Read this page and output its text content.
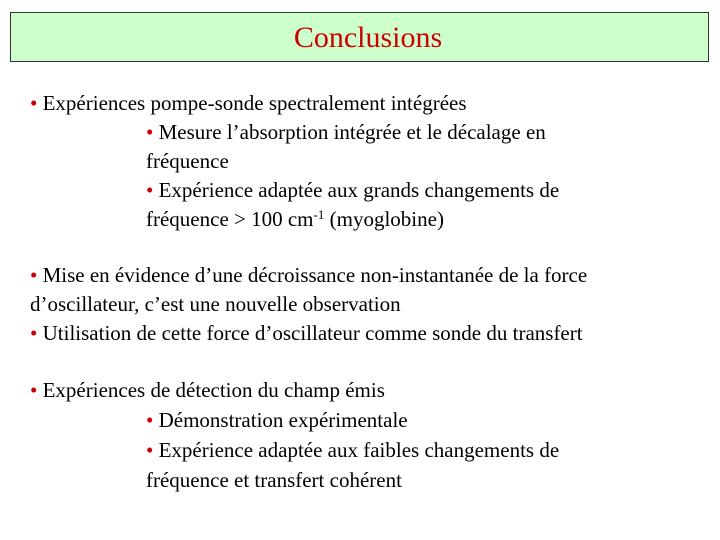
Conclusions
• Expériences pompe-sonde spectralement intégrées
• Mesure l’absorption intégrée et le décalage en
fréquence
• Expérience adaptée aux grands changements de
fréquence > 100 $cm^{-1}$ (myoglobine)
• Mise en évidence d’une décroissance non-instantanée de la force
d’oscillateur, c’est une nouvelle observation
• Utilisation de cette force d’oscillateur comme sonde du transfert
• Expériences de détection du champ émis
• Démonstration expérimentale
• Expérience adaptée aux faibles changements de
fréquence et transfert cohérent
